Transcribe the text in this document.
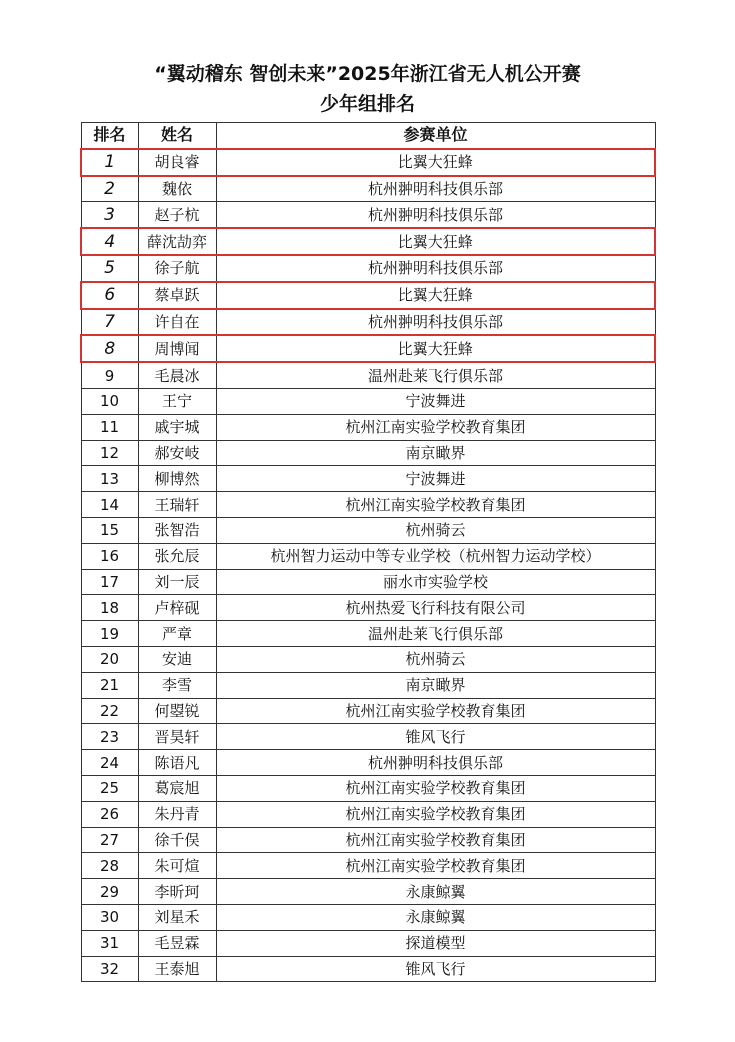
“翼动稽东 智创未来”2025年浙江省无人机公开赛
少年组排名
排名	姓名	参赛单位
1	胡良睿	比翼大狂蜂
2	魏依	杭州翀明科技俱乐部
3	赵子杭	杭州翀明科技俱乐部
4	薛沈劼弈	比翼大狂蜂
5	徐子航	杭州翀明科技俱乐部
6	蔡卓跃	比翼大狂蜂
7	许自在	杭州翀明科技俱乐部
8	周博闻	比翼大狂蜂
9	毛晨冰	温州赴莱飞行俱乐部
10	王宁	宁波舞进
11	戚宇城	杭州江南实验学校教育集团
12	郝安岐	南京瞰界
13	柳博然	宁波舞进
14	王瑞轩	杭州江南实验学校教育集团
15	张智浩	杭州骑云
16	张允辰	杭州智力运动中等专业学校（杭州智力运动学校）
17	刘一辰	丽水市实验学校
18	卢梓砚	杭州热爱飞行科技有限公司
19	严章	温州赴莱飞行俱乐部
20	安迪	杭州骑云
21	李雪	南京瞰界
22	何曌锐	杭州江南实验学校教育集团
23	晋昊轩	锥风飞行
24	陈语凡	杭州翀明科技俱乐部
25	葛宸旭	杭州江南实验学校教育集团
26	朱丹青	杭州江南实验学校教育集团
27	徐千俣	杭州江南实验学校教育集团
28	朱可煊	杭州江南实验学校教育集团
29	李昕珂	永康鲸翼
30	刘星禾	永康鲸翼
31	毛昱霖	探道模型
32	王泰旭	锥风飞行
